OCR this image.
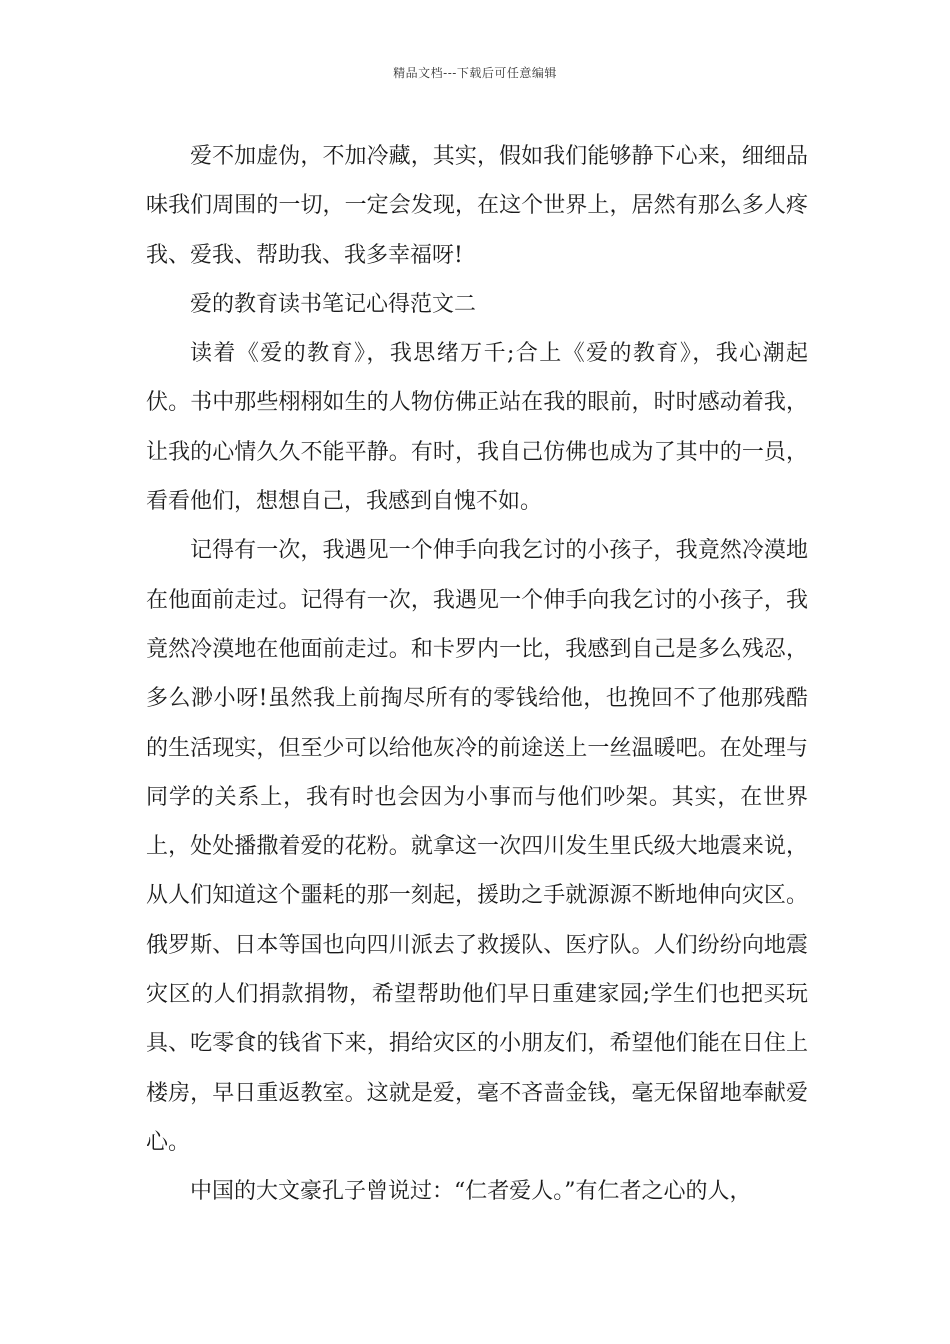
精品文档---下载后可任意编辑

爱不加虚伪，不加冷藏，其实，假如我们能够静下心来，细细品味我们周围的一切，一定会发现，在这个世界上，居然有那么多人疼我、爱我、帮助我、我多幸福呀!

爱的教育读书笔记心得范文二

读着《爱的教育》，我思绪万千;合上《爱的教育》，我心潮起伏。书中那些栩栩如生的人物仿佛正站在我的眼前，时时感动着我，让我的心情久久不能平静。有时，我自己仿佛也成为了其中的一员，看看他们，想想自己，我感到自愧不如。

记得有一次，我遇见一个伸手向我乞讨的小孩子，我竟然冷漠地在他面前走过。记得有一次，我遇见一个伸手向我乞讨的小孩子，我竟然冷漠地在他面前走过。和卡罗内一比，我感到自己是多么残忍，多么渺小呀!虽然我上前掏尽所有的零钱给他，也挽回不了他那残酷的生活现实，但至少可以给他灰冷的前途送上一丝温暖吧。在处理与同学的关系上，我有时也会因为小事而与他们吵架。其实，在世界上，处处播撒着爱的花粉。就拿这一次四川发生里氏级大地震来说，从人们知道这个噩耗的那一刻起，援助之手就源源不断地伸向灾区。俄罗斯、日本等国也向四川派去了救援队、医疗队。人们纷纷向地震灾区的人们捐款捐物，希望帮助他们早日重建家园;学生们也把买玩具、吃零食的钱省下来，捐给灾区的小朋友们，希望他们能在日住上楼房，早日重返教室。这就是爱，毫不吝啬金钱，毫无保留地奉献爱心。

中国的大文豪孔子曾说过：“仁者爱人。”有仁者之心的人，
